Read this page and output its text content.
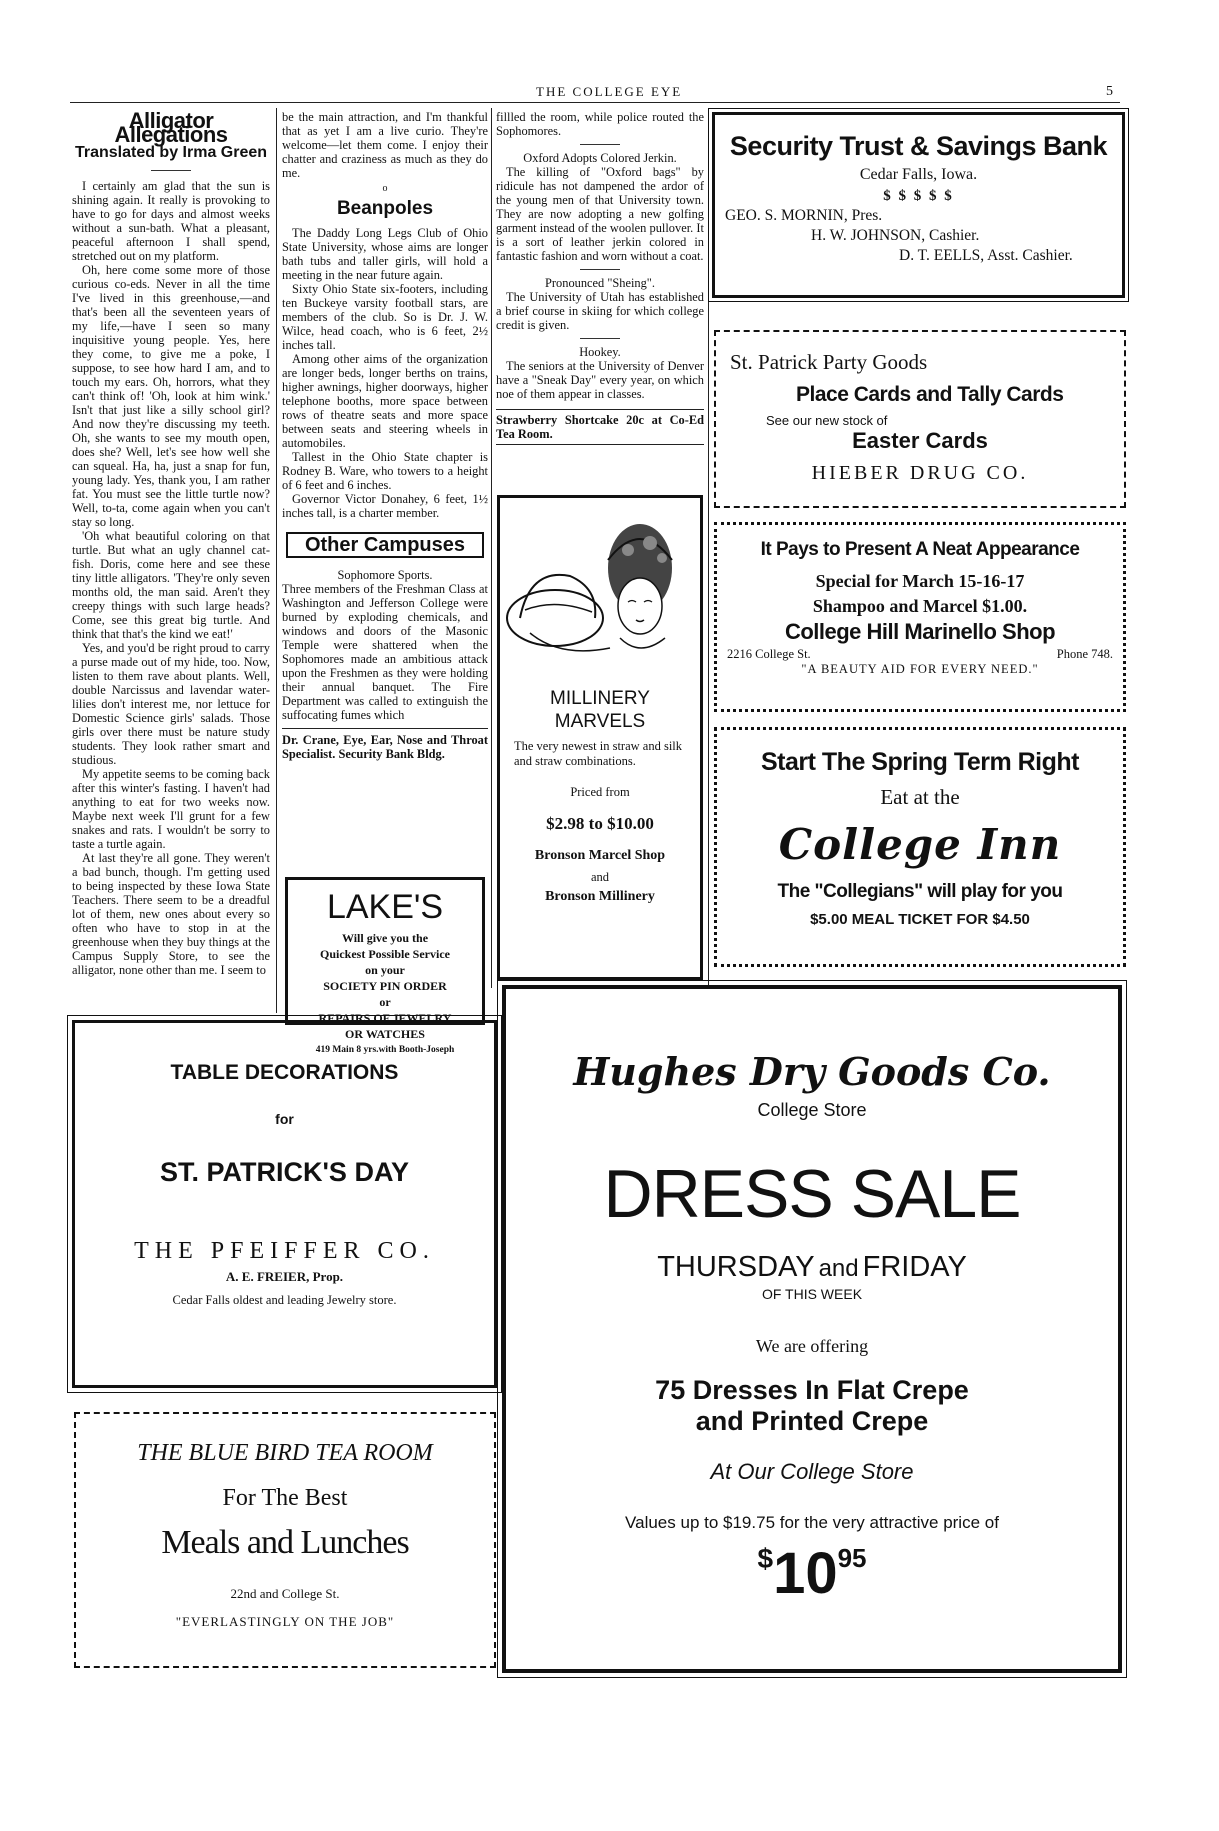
THE COLLEGE EYE	5
Alligator Allegations
Translated by Irma Green

I certainly am glad that the sun is shining again. It really is provoking to have to go for days and almost weeks without a sun-bath. What a pleasant, peaceful afternoon I shall spend, stretched out on my platform.

Oh, here come some more of those curious co-eds. Never in all the time I've lived in this greenhouse,—and that's been all the seventeen years of my life,—have I seen so many inquisitive young people. Yes, here they come, to give me a poke, I suppose, to see how hard I am, and to touch my ears. Oh, horrors, what they can't think of! 'Oh, look at him wink.' Isn't that just like a silly school girl? And now they're discussing my teeth. Oh, she wants to see my mouth open, does she? Well, let's see how well she can squeal. Ha, ha, just a snap for fun, young lady. Yes, thank you, I am rather fat. You must see the little turtle now? Well, to-ta, come again when you can't stay so long.

'Oh what beautiful coloring on that turtle. But what an ugly channel cat-fish. Doris, come here and see these tiny little alligators. 'They're only seven months old, the man said. Aren't they creepy things with such large heads? Come, see this great big turtle. And think that that's the kind we eat!'

Yes, and you'd be right proud to carry a purse made out of my hide, too. Now, listen to them rave about plants. Well, double Narcissus and lavendar water-lilies don't interest me, nor lettuce for Domestic Science girls' salads. Those girls over there must be nature study students. They look rather smart and studious.

My appetite seems to be coming back after this winter's fasting. I haven't had anything to eat for two weeks now. Maybe next week I'll grunt for a few snakes and rats. I wouldn't be sorry to taste a turtle again.

At last they're all gone. They weren't a bad bunch, though. I'm getting used to being inspected by these Iowa State Teachers. There seem to be a dreadful lot of them, new ones about every so often who have to stop in at the greenhouse when they buy things at the Campus Supply Store, to see the alligator, none other than me. I seem to

be the main attraction, and I'm thankful that as yet I am a live curio. They're welcome—let them come. I enjoy their chatter and craziness as much as they do me.

o
Beanpoles

The Daddy Long Legs Club of Ohio State University, whose aims are longer bath tubs and taller girls, will hold a meeting in the near future again.

Sixty Ohio State six-footers, including ten Buckeye varsity football stars, are members of the club. So is Dr. J. W. Wilce, head coach, who is 6 feet, 2½ inches tall.

Among other aims of the organization are longer beds, longer berths on trains, higher awnings, higher doorways, higher telephone booths, more space between rows of theatre seats and more space between seats and steering wheels in automobiles.

Tallest in the Ohio State chapter is Rodney B. Ware, who towers to a height of 6 feet and 6 inches.

Governor Victor Donahey, 6 feet, 1½ inches tall, is a charter member.

Other Campuses
Sophomore Sports.

Three members of the Freshman Class at Washington and Jefferson College were burned by exploding chemicals, and windows and doors of the Masonic Temple were shattered when the Sophomores made an ambitious attack upon the Freshmen as they were holding their annual banquet. The Fire Department was called to extinguish the suffocating fumes which

Dr. Crane, Eye, Ear, Nose and Throat Specialist. Security Bank Bldg.
LAKE'S
Will give you the
Quickest Possible Service
on your
SOCIETY PIN ORDER
or
REPAIRS OF JEWELRY
OR WATCHES
419 Main 8 yrs.with Booth-Joseph

fillled the room, while police routed the Sophomores.

Oxford Adopts Colored Jerkin.

The killing of "Oxford bags" by ridicule has not dampened the ardor of the young men of that University town. They are now adopting a new golfing garment instead of the woolen pullover. It is a sort of leather jerkin colored in fantastic fashion and worn without a coat.

Pronounced "Sheing".

The University of Utah has established a brief course in skiing for which college credit is given.

Hookey.

The seniors at the University of Denver have a "Sneak Day" every year, on which noe of them appear in classes.

Strawberry Shortcake 20c at Co-Ed Tea Room.
MILLINERY
MARVELS
The very newest in straw and silk and straw combinations.
Priced from
$2.98 to $10.00
Bronson Marcel Shop
and
Bronson Millinery
Security Trust & Savings Bank
Cedar Falls, Iowa.
$ $ $ $ $
GEO. S. MORNIN, Pres.
H. W. JOHNSON, Cashier.
D. T. EELLS, Asst. Cashier.
St. Patrick Party Goods
Place Cards and Tally Cards
See our new stock of
Easter Cards
HIEBER DRUG CO.
It Pays to Present A Neat Appearance
Special for March 15-16-17
Shampoo and Marcel $1.00.
College Hill Marinello Shop
2216 College St.	Phone 748.
"A BEAUTY AID FOR EVERY NEED."
Start The Spring Term Right
Eat at the
College Inn
The "Collegians" will play for you
$5.00 MEAL TICKET FOR $4.50
TABLE DECORATIONS
for
ST. PATRICK'S DAY
THE PFEIFFER CO.
A. E. FREIER, Prop.
Cedar Falls oldest and leading Jewelry store.
THE BLUE BIRD TEA ROOM
For The Best
Meals and Lunches
22nd and College St.
"EVERLASTINGLY ON THE JOB"
Hughes Dry Goods Co.
College Store
DRESS SALE
THURSDAY and FRIDAY
OF THIS WEEK
We are offering
75 Dresses In Flat Crepe
and Printed Crepe
At Our College Store
Values up to $19.75 for the very attractive price of
$1095
